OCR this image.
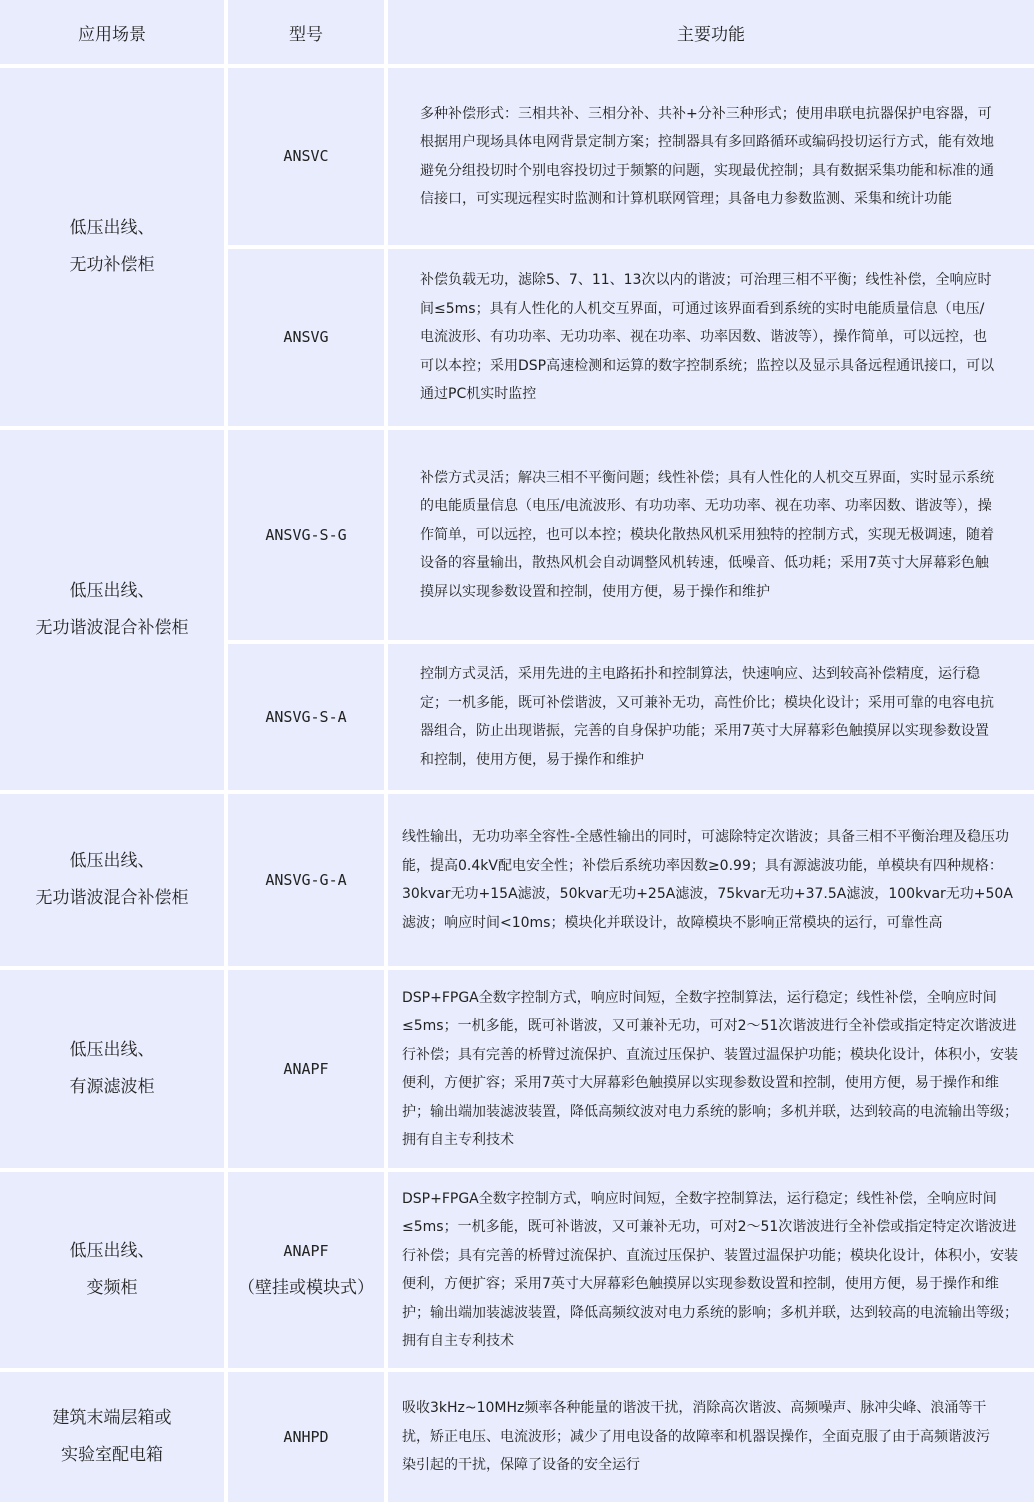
应用场景	型号	主要功能
低压出线、
无功补偿柜
ANSVC
多种补偿形式：三相共补、三相分补、共补+分补三种形式；使用串联电抗器保护电容器，可根据用户现场具体电网背景定制方案；控制器具有多回路循环或编码投切运行方式，能有效地避免分组投切时个别电容投切过于频繁的问题，实现最优控制；具有数据采集功能和标准的通信接口，可实现远程实时监测和计算机联网管理；具备电力参数监测、采集和统计功能
ANSVG
补偿负载无功，滤除5、7、11、13次以内的谐波；可治理三相不平衡；线性补偿，全响应时间≤5ms；具有人性化的人机交互界面，可通过该界面看到系统的实时电能质量信息（电压/电流波形、有功功率、无功功率、视在功率、功率因数、谐波等），操作简单，可以远控，也可以本控；采用DSP高速检测和运算的数字控制系统；监控以及显示具备远程通讯接口，可以通过PC机实时监控
低压出线、
无功谐波混合补偿柜
ANSVG-S-G
补偿方式灵活；解决三相不平衡问题；线性补偿；具有人性化的人机交互界面，实时显示系统的电能质量信息（电压/电流波形、有功功率、无功功率、视在功率、功率因数、谐波等），操作简单，可以远控，也可以本控；模块化散热风机采用独特的控制方式，实现无极调速，随着设备的容量输出，散热风机会自动调整风机转速，低噪音、低功耗；采用7英寸大屏幕彩色触摸屏以实现参数设置和控制，使用方便，易于操作和维护
ANSVG-S-A
控制方式灵活，采用先进的主电路拓扑和控制算法，快速响应、达到较高补偿精度，运行稳定；一机多能，既可补偿谐波，又可兼补无功，高性价比；模块化设计；采用可靠的电容电抗器组合，防止出现谐振，完善的自身保护功能；采用7英寸大屏幕彩色触摸屏以实现参数设置和控制，使用方便，易于操作和维护
低压出线、
无功谐波混合补偿柜
ANSVG-G-A
线性输出，无功功率全容性-全感性输出的同时，可滤除特定次谐波；具备三相不平衡治理及稳压功能，提高0.4kV配电安全性；补偿后系统功率因数≥0.99；具有源滤波功能，单模块有四种规格：30kvar无功+15A滤波，50kvar无功+25A滤波，75kvar无功+37.5A滤波，100kvar无功+50A滤波；响应时间<10ms；模块化并联设计，故障模块不影响正常模块的运行，可靠性高
低压出线、
有源滤波柜
ANAPF
DSP+FPGA全数字控制方式，响应时间短，全数字控制算法，运行稳定；线性补偿，全响应时间≤5ms；一机多能，既可补谐波，又可兼补无功，可对2～51次谐波进行全补偿或指定特定次谐波进行补偿；具有完善的桥臂过流保护、直流过压保护、装置过温保护功能；模块化设计，体积小，安装便利，方便扩容；采用7英寸大屏幕彩色触摸屏以实现参数设置和控制，使用方便，易于操作和维护；输出端加装滤波装置，降低高频纹波对电力系统的影响；多机并联，达到较高的电流输出等级；拥有自主专利技术
低压出线、
变频柜
ANAPF
（壁挂或模块式）
DSP+FPGA全数字控制方式，响应时间短，全数字控制算法，运行稳定；线性补偿，全响应时间≤5ms；一机多能，既可补谐波，又可兼补无功，可对2～51次谐波进行全补偿或指定特定次谐波进行补偿；具有完善的桥臂过流保护、直流过压保护、装置过温保护功能；模块化设计，体积小，安装便利，方便扩容；采用7英寸大屏幕彩色触摸屏以实现参数设置和控制，使用方便，易于操作和维护；输出端加装滤波装置，降低高频纹波对电力系统的影响；多机并联，达到较高的电流输出等级；拥有自主专利技术
建筑末端层箱或
实验室配电箱
ANHPD
吸收3kHz~10MHz频率各种能量的谐波干扰，消除高次谐波、高频噪声、脉冲尖峰、浪涌等干扰，矫正电压、电流波形；减少了用电设备的故障率和机器误操作，全面克服了由于高频谐波污染引起的干扰，保障了设备的安全运行
